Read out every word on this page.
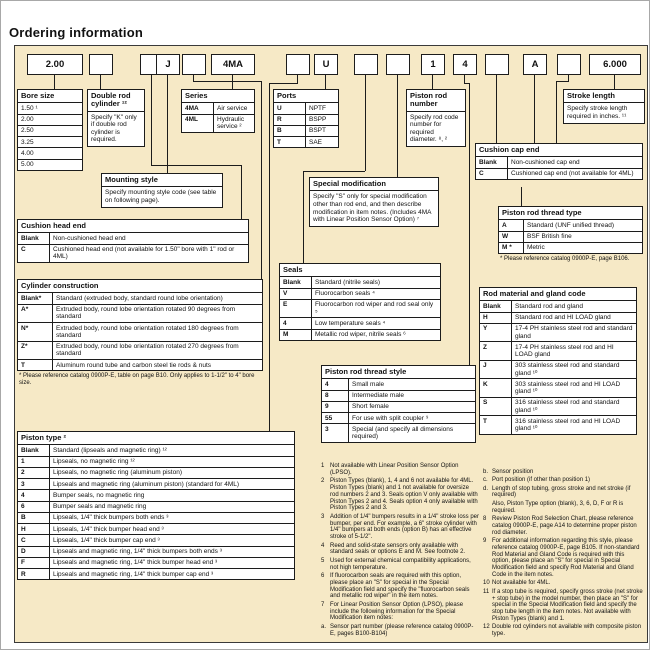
Ordering information
2.00	J	4MA	U	1	4	A	6.000
Bore size
1.50 ¹
2.00
2.50
3.25
4.00
5.00
Double rod cylinder ¹²
Specify "K" only if double rod cylinder is required.
Series
4MA	Air service
4ML	Hydraulic service ²
Ports
U	NPTF
R	BSPP
B	BSPT
T	SAE
Piston rod number
Specify rod code number for required diameter. ⁸, ²
Stroke length
Specify stroke length required in inches. ¹¹
Cushion cap end
Blank	Non-cushioned cap end
C	Cushioned cap end (not available for 4ML)
Mounting style
Specify mounting style code (see table on following page).
Special modification
Specify "S" only for special modification other than rod end, and then describe modification in item notes. (Includes 4MA with Linear Position Sensor Option) ⁷
Piston rod thread type
A	Standard (UNF unified thread)
W	BSF British fine
M *	Metric
* Please reference catalog 0900P-E, page B106.
Cushion head end
Blank	Non-cushioned head end
C	Cushioned head end (not available for 1.50" bore with 1" rod or 4ML)
Seals
Blank	Standard (nitrile seals)
V	Fluorocarbon seals ⁴
E	Fluorocarbon rod wiper and rod seal only ⁵
4	Low temperature seals ⁴
M	Metallic rod wiper, nitrile seals ⁶
Cylinder construction
Blank*	Standard (extruded body, standard round lobe orientation)
A*	Extruded body, round lobe orientation rotated 90 degrees from standard
N*	Extruded body, round lobe orientation rotated 180 degrees from standard
Z*	Extruded body, round lobe orientation rotated 270 degrees from standard
T	Aluminum round tube and carbon steel tie rods & nuts
* Please reference catalog 0900P-E, table on page B10. Only applies to 1-1/2" to 4" bore size.
Piston rod thread style
4	Small male
8	Intermediate male
9	Short female
55	For use with split coupler ⁹
3	Special (and specify all dimensions required)
Rod material and gland code
Blank	Standard rod and gland
H	Standard rod and HI LOAD gland
Y	17-4 PH stainless steel rod and standard gland
Z	17-4 PH stainless steel rod and HI LOAD gland
J	303 stainless steel rod and standard gland ¹⁰
K	303 stainless steel rod and HI LOAD gland ¹⁰
S	316 stainless steel rod and standard gland ¹⁰
T	316 stainless steel rod and HI LOAD gland ¹⁰
Piston type ²
Blank	Standard (lipseals and magnetic ring) ¹²
1	Lipseals, no magnetic ring ¹²
2	Lipseals, no magnetic ring (aluminum piston)
3	Lipseals and magnetic ring (aluminum piston) (standard for 4ML)
4	Bumper seals, no magnetic ring
6	Bumper seals and magnetic ring
B	Lipseals, 1/4" thick bumpers both ends ³
H	Lipseals, 1/4" thick bumper head end ³
C	Lipseals, 1/4" thick bumper cap end ³
D	Lipseals and magnetic ring, 1/4" thick bumpers both ends ³
F	Lipseals and magnetic ring, 1/4" thick bumper head end ³
R	Lipseals and magnetic ring, 1/4" thick bumper cap end ³
1 Not available with Linear Position Sensor Option (LPSO).
2 Piston Types (blank), 1, 4 and 6 not available for 4ML. Piston Types (blank) and 1 not available for oversize rod numbers 2 and 3. Seals option V only available with Piston Types 2 and 4. Seals option 4 only available with Piston Types 2 and 3.
3 Addition of 1/4" bumpers results in a 1/4" stroke loss per bumper, per end. For example, a 6" stroke cylinder with 1/4" bumpers at both ends (option B) has an effective stroke of 5-1/2".
4 Reed and solid-state sensors only available with standard seals or options E and M. See footnote 2.
5 Used for external chemical compatibility applications, not high temperature.
6 If fluorocarbon seals are required with this option, please place an "S" for special in the Special Modification field and specify the "fluorocarbon seals and metallic rod wiper" in the item notes.
7 For Linear Position Sensor Option (LPSO), please include the following information for the Special Modification item notes:
a. Sensor part number (please reference catalog 0900P-E, pages B100-B104)
b. Sensor position
c. Port position (if other than position 1)
d. Length of stop tubing, gross stroke and net stroke (if required)
Also, Piston Type option (blank), 3, 6, D, F or R is required.
8 Review Piston Rod Selection Chart, please reference catalog 0900P-E, page A14 to determine proper piston rod diameter.
9 For additional information regarding this style, please reference catalog 0900P-E, page B105. If non-standard Rod Material and Gland Code is required with this option, please place an "S" for special in Special Modification field and specify Rod Material and Gland Code in the item notes.
10 Not available for 4ML.
11 If a stop tube is required, specify gross stroke (net stroke + stop tube) in the model number, then place an "S" for special in the Special Modification field and specify the stop tube length in the item notes. Not available with Piston Types (blank) and 1.
12 Double rod cylinders not available with composite piston type.
